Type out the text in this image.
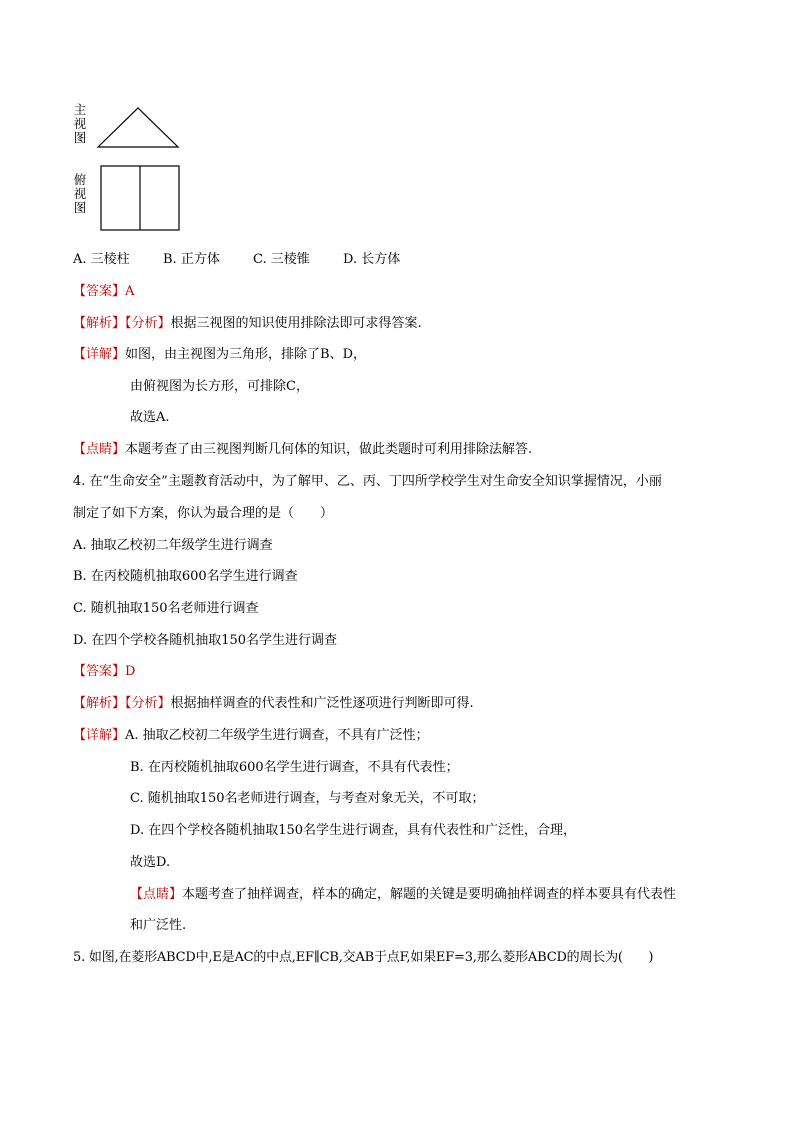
主视图
俯视图
A. 三棱柱	B. 正方体	C. 三棱锥	D. 长方体
【答案】A
【解析】【分析】根据三视图的知识使用排除法即可求得答案.
【详解】如图，由主视图为三角形，排除了B、D，
由俯视图为长方形，可排除C，
故选A.
【点睛】本题考查了由三视图判断几何体的知识，做此类题时可利用排除法解答.
4. 在“生命安全”主题教育活动中，为了解甲、乙、丙、丁四所学校学生对生命安全知识掌握情况，小丽
制定了如下方案，你认为最合理的是（　　）
A. 抽取乙校初二年级学生进行调查
B. 在丙校随机抽取600名学生进行调查
C. 随机抽取150名老师进行调查
D. 在四个学校各随机抽取150名学生进行调查
【答案】D
【解析】【分析】根据抽样调查的代表性和广泛性逐项进行判断即可得.
【详解】A. 抽取乙校初二年级学生进行调查，不具有广泛性；
B. 在丙校随机抽取600名学生进行调查，不具有代表性；
C. 随机抽取150名老师进行调查，与考查对象无关，不可取；
D. 在四个学校各随机抽取150名学生进行调查，具有代表性和广泛性，合理，
故选D.
【点睛】本题考查了抽样调查，样本的确定，解题的关键是要明确抽样调查的样本要具有代表性
和广泛性.
5. 如图,在菱形ABCD中,E是AC的中点,EF∥CB,交AB于点F,如果EF=3,那么菱形ABCD的周长为(　　)
